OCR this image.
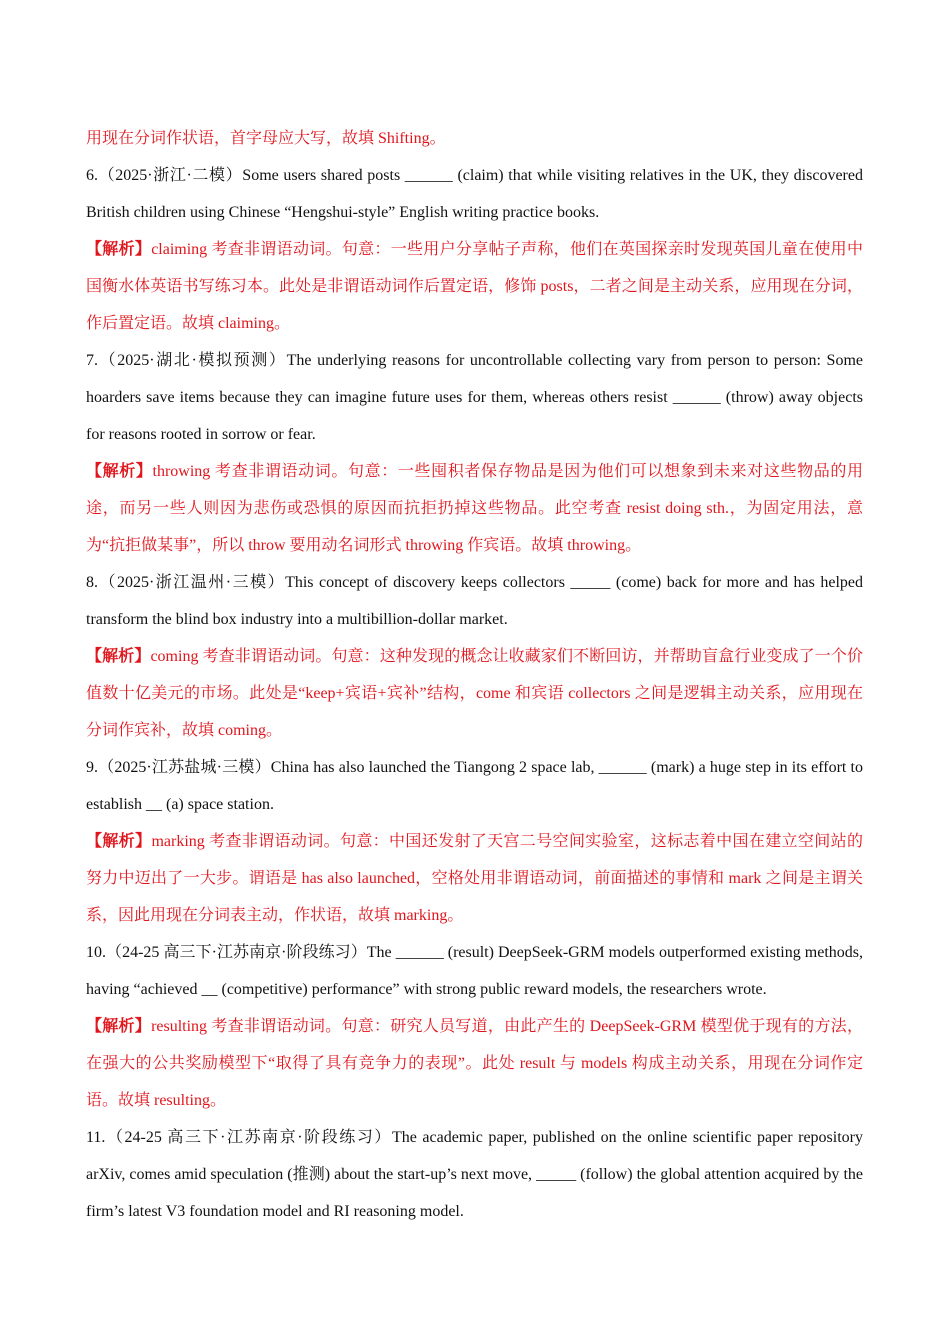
用现在分词作状语，首字母应大写，故填 Shifting。

6.（2025·浙江·二模）Some users shared posts ______ (claim) that while visiting relatives in the UK, they discovered British children using Chinese “Hengshui-style” English writing practice books.

【解析】claiming 考查非谓语动词。句意：一些用户分享帖子声称，他们在英国探亲时发现英国儿童在使用中国衡水体英语书写练习本。此处是非谓语动词作后置定语，修饰 posts，二者之间是主动关系，应用现在分词，作后置定语。故填 claiming。

7.（2025·湖北·模拟预测）The underlying reasons for uncontrollable collecting vary from person to person: Some hoarders save items because they can imagine future uses for them, whereas others resist ______ (throw) away objects for reasons rooted in sorrow or fear.

【解析】throwing 考查非谓语动词。句意：一些囤积者保存物品是因为他们可以想象到未来对这些物品的用途，而另一些人则因为悲伤或恐惧的原因而抗拒扔掉这些物品。此空考查 resist doing sth.，为固定用法，意为“抗拒做某事”，所以 throw 要用动名词形式 throwing 作宾语。故填 throwing。

8.（2025·浙江温州·三模）This concept of discovery keeps collectors _____ (come) back for more and has helped transform the blind box industry into a multibillion-dollar market.

【解析】coming 考查非谓语动词。句意：这种发现的概念让收藏家们不断回访，并帮助盲盒行业变成了一个价值数十亿美元的市场。此处是“keep+宾语+宾补”结构，come 和宾语 collectors 之间是逻辑主动关系，应用现在分词作宾补，故填 coming。

9.（2025·江苏盐城·三模）China has also launched the Tiangong 2 space lab, ______ (mark) a huge step in its effort to establish __ (a) space station.

【解析】marking 考查非谓语动词。句意：中国还发射了天宫二号空间实验室，这标志着中国在建立空间站的努力中迈出了一大步。谓语是 has also launched，空格处用非谓语动词，前面描述的事情和 mark 之间是主谓关系，因此用现在分词表主动，作状语，故填 marking。

10.（24-25 高三下·江苏南京·阶段练习）The ______ (result) DeepSeek-GRM models outperformed existing methods, having “achieved __ (competitive) performance” with strong public reward models, the researchers wrote.

【解析】resulting 考查非谓语动词。句意：研究人员写道，由此产生的 DeepSeek-GRM 模型优于现有的方法，在强大的公共奖励模型下“取得了具有竞争力的表现”。此处 result 与 models 构成主动关系，用现在分词作定语。故填 resulting。

11.（24-25 高三下·江苏南京·阶段练习）The academic paper, published on the online scientific paper repository arXiv, comes amid speculation (推测) about the start-up’s next move, _____ (follow) the global attention acquired by the firm’s latest V3 foundation model and RI reasoning model.
